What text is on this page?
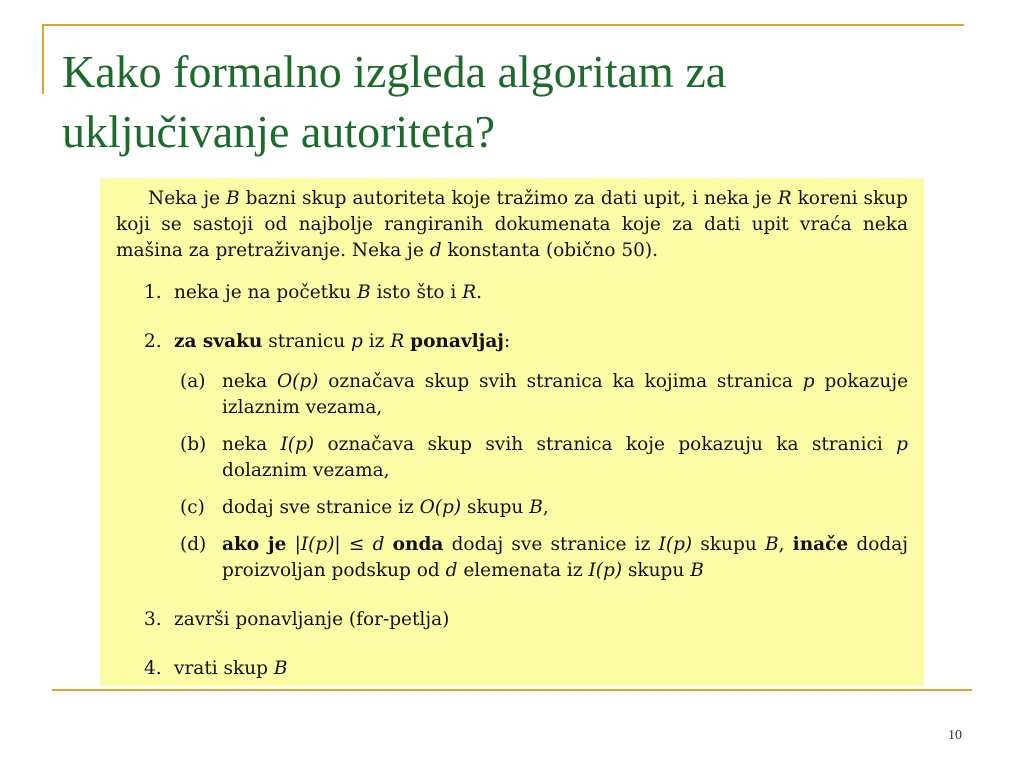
Kako formalno izgleda algoritam za uključivanje autoriteta?

Neka je B bazni skup autoriteta koje tražimo za dati upit, i neka je R koreni skup koji se sastoji od najbolje rangiranih dokumenata koje za dati upit vraća neka mašina za pretraživanje. Neka je d konstanta (obično 50).

1. neka je na početku B isto što i R.
2. za svaku stranicu p iz R ponavljaj:
(a) neka O(p) označava skup svih stranica ka kojima stranica p pokazuje izlaznim vezama,
(b) neka I(p) označava skup svih stranica koje pokazuju ka stranici p dolaznim vezama,
(c) dodaj sve stranice iz O(p) skupu B,
(d) ako je |I(p)| ≤ d onda dodaj sve stranice iz I(p) skupu B, inače dodaj proizvoljan podskup od d elemenata iz I(p) skupu B
3. završi ponavljanje (for-petlja)
4. vrati skup B
10
